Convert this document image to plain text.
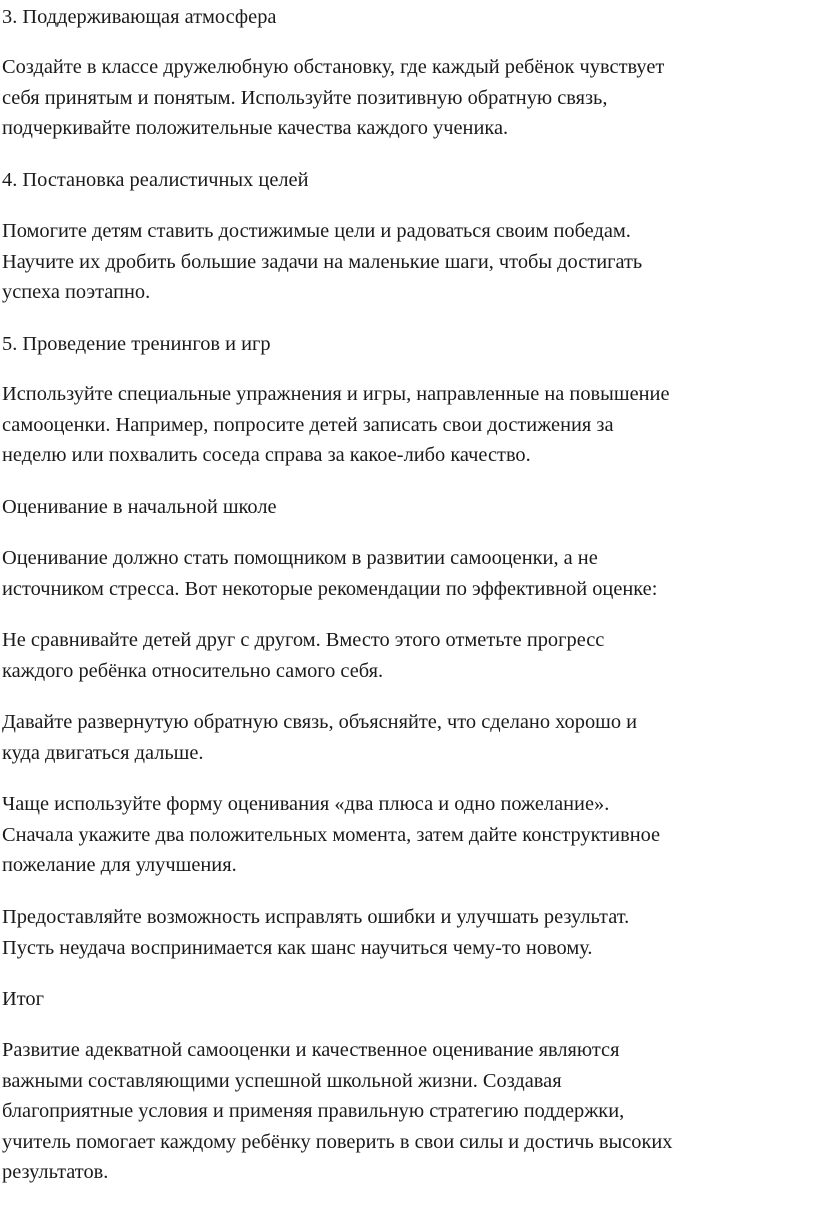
3. Поддерживающая атмосфера

Создайте в классе дружелюбную обстановку, где каждый ребёнок чувствует
себя принятым и понятым. Используйте позитивную обратную связь,
подчеркивайте положительные качества каждого ученика.

4. Постановка реалистичных целей

Помогите детям ставить достижимые цели и радоваться своим победам.
Научите их дробить большие задачи на маленькие шаги, чтобы достигать
успеха поэтапно.

5. Проведение тренингов и игр

Используйте специальные упражнения и игры, направленные на повышение
самооценки. Например, попросите детей записать свои достижения за
неделю или похвалить соседа справа за какое-либо качество.

Оценивание в начальной школе

Оценивание должно стать помощником в развитии самооценки, а не
источником стресса. Вот некоторые рекомендации по эффективной оценке:

Не сравнивайте детей друг с другом. Вместо этого отметьте прогресс
каждого ребёнка относительно самого себя.

Давайте развернутую обратную связь, объясняйте, что сделано хорошо и
куда двигаться дальше.

Чаще используйте форму оценивания «два плюса и одно пожелание».
Сначала укажите два положительных момента, затем дайте конструктивное
пожелание для улучшения.

Предоставляйте возможность исправлять ошибки и улучшать результат.
Пусть неудача воспринимается как шанс научиться чему-то новому.

Итог

Развитие адекватной самооценки и качественное оценивание являются
важными составляющими успешной школьной жизни. Создавая
благоприятные условия и применяя правильную стратегию поддержки,
учитель помогает каждому ребёнку поверить в свои силы и достичь высоких
результатов.
